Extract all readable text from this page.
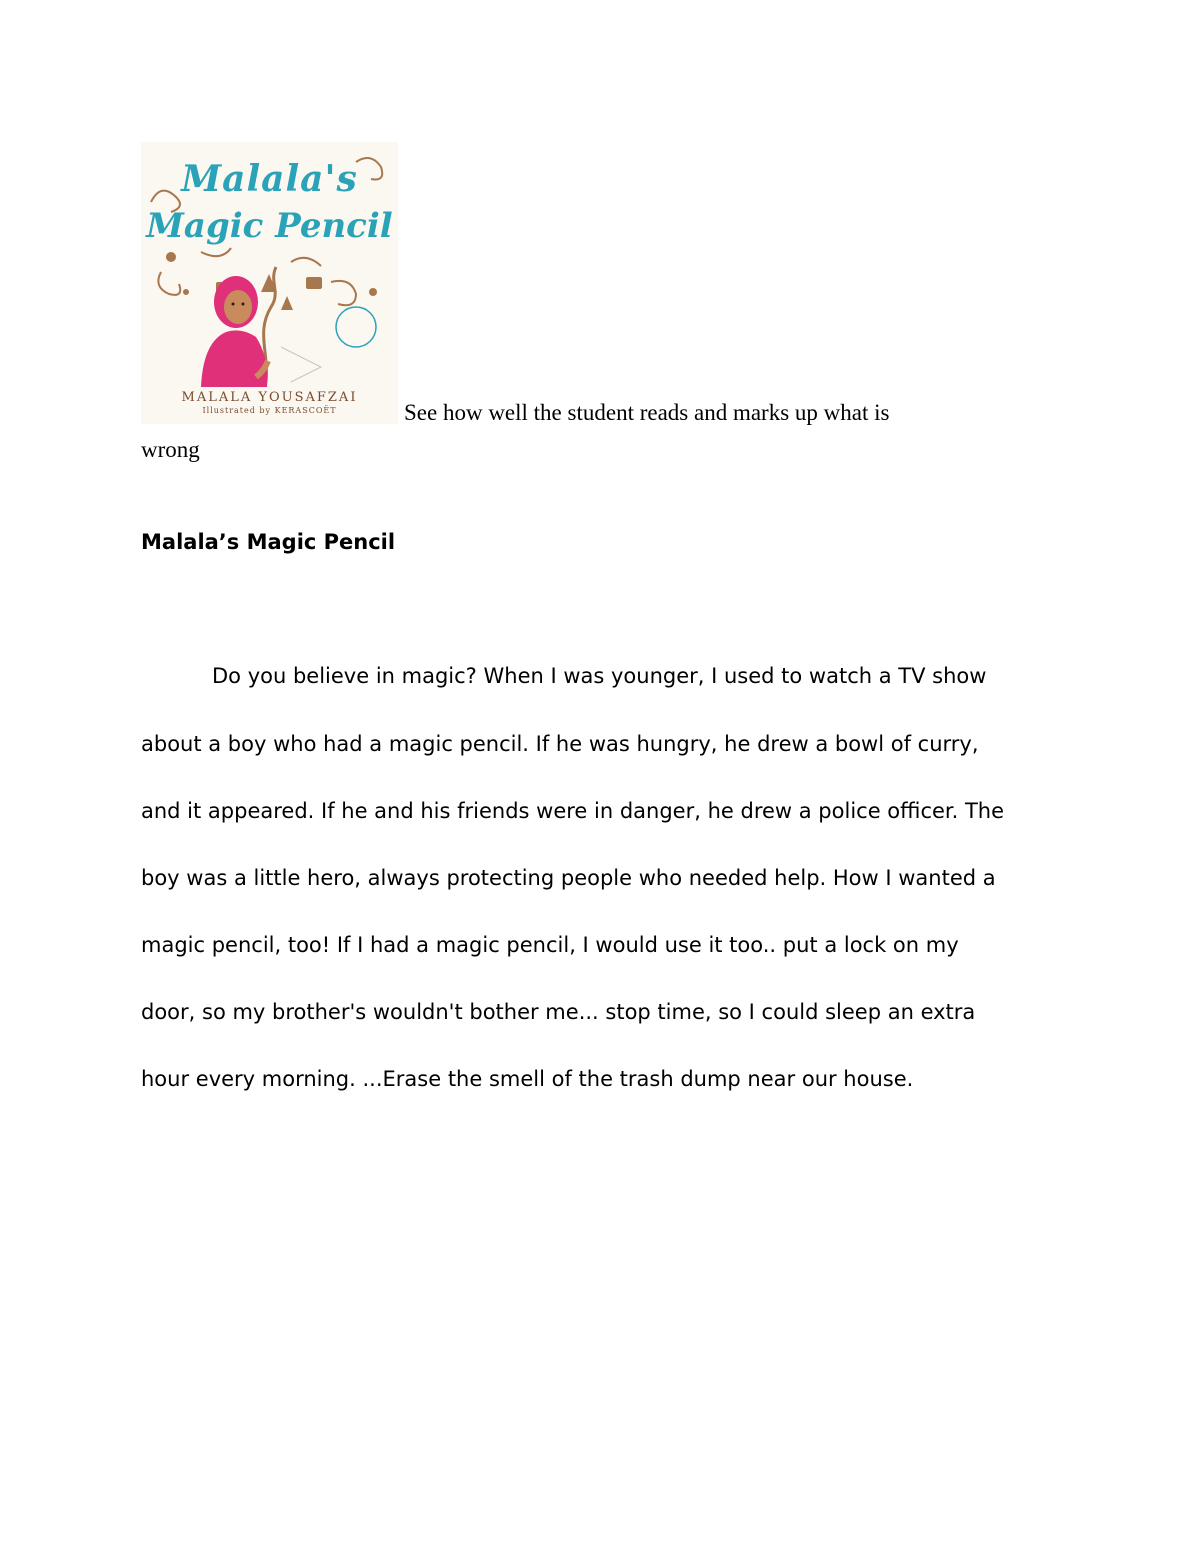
Malala's
Magic Pencil
MALALA YOUSAFZAI
Illustrated by KERASCOËT	See how well the student reads and marks up what is
wrong
Malala’s Magic Pencil
Do you believe in magic? When I was younger, I used to watch a TV show
about a boy who had a magic pencil. If he was hungry, he drew a bowl of curry,
and it appeared. If he and his friends were in danger, he drew a police officer. The
boy was a little hero, always protecting people who needed help. How I wanted a
magic pencil, too! If I had a magic pencil, I would use it too.. put a lock on my
door, so my brother's wouldn't bother me... stop time, so I could sleep an extra
hour every morning. ...Erase the smell of the trash dump near our house.
